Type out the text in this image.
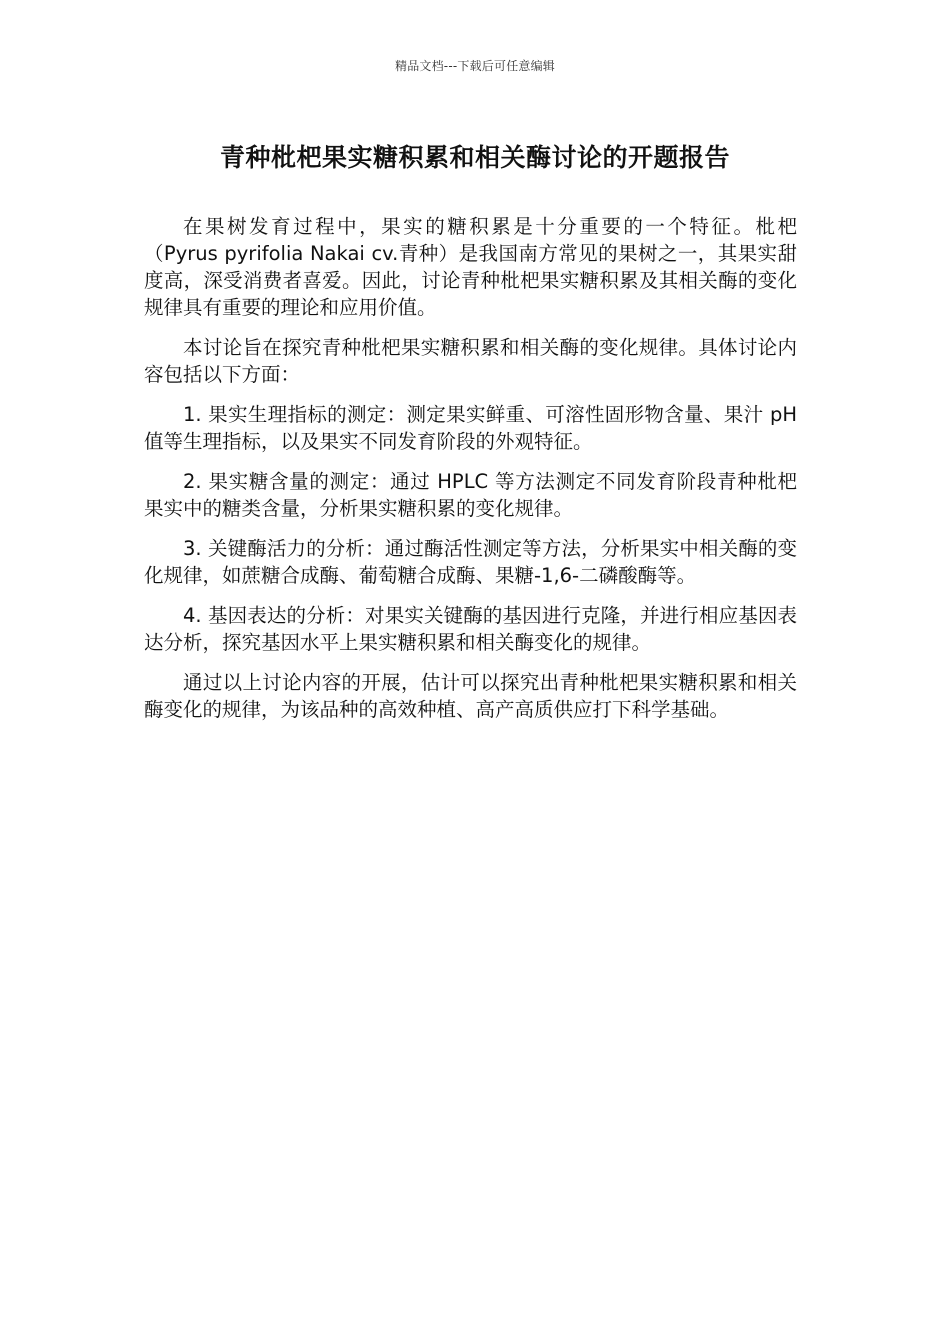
精品文档---下载后可任意编辑
青种枇杷果实糖积累和相关酶讨论的开题报告

在果树发育过程中，果实的糖积累是十分重要的一个特征。枇杷（Pyrus pyrifolia Nakai cv.青种）是我国南方常见的果树之一，其果实甜度高，深受消费者喜爱。因此，讨论青种枇杷果实糖积累及其相关酶的变化规律具有重要的理论和应用价值。

本讨论旨在探究青种枇杷果实糖积累和相关酶的变化规律。具体讨论内容包括以下方面：

1. 果实生理指标的测定：测定果实鲜重、可溶性固形物含量、果汁 pH 值等生理指标，以及果实不同发育阶段的外观特征。

2. 果实糖含量的测定：通过 HPLC 等方法测定不同发育阶段青种枇杷果实中的糖类含量，分析果实糖积累的变化规律。

3. 关键酶活力的分析：通过酶活性测定等方法，分析果实中相关酶的变化规律，如蔗糖合成酶、葡萄糖合成酶、果糖-1,6-二磷酸酶等。

4. 基因表达的分析：对果实关键酶的基因进行克隆，并进行相应基因表达分析，探究基因水平上果实糖积累和相关酶变化的规律。

通过以上讨论内容的开展，估计可以探究出青种枇杷果实糖积累和相关酶变化的规律，为该品种的高效种植、高产高质供应打下科学基础。
